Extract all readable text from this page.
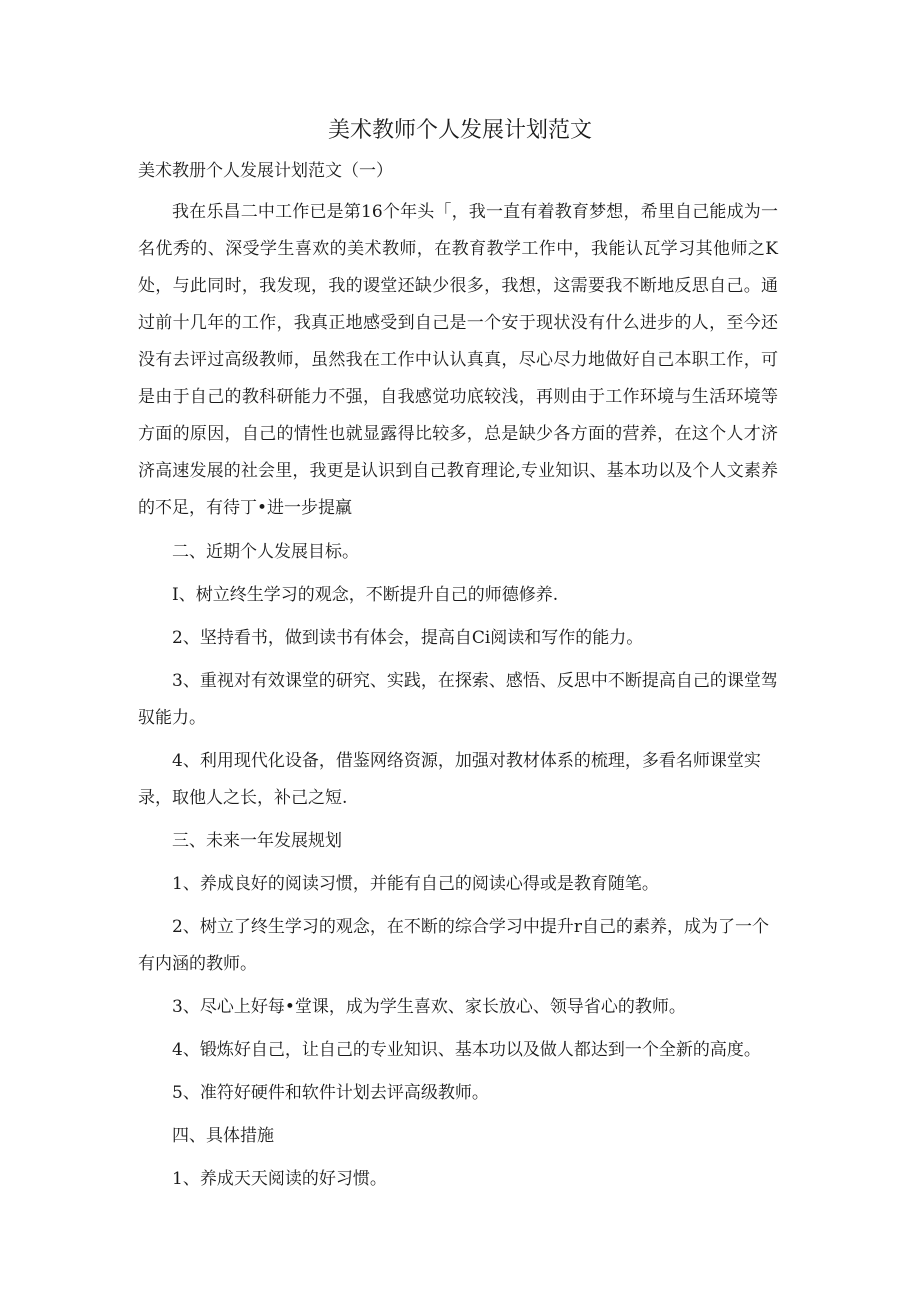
美术教师个人发展计划范文

美术教册个人发展计划范文（一）

我在乐昌二中工作已是第16个年头「，我一直有着教育梦想，希里自己能成为一名优秀的、深受学生喜欢的美术教师，在教育教学工作中，我能认瓦学习其他师之K处，与此同时，我发现，我的谡堂还缺少很多，我想，这需要我不断地反思自己。通过前十几年的工作，我真正地感受到自己是一个安于现状没有什么进步的人，至今还没有去评过高级教师，虽然我在工作中认认真真，尽心尽力地做好自己本职工作，可是由于自己的教科研能力不强，自我感觉功底较浅，再则由于工作环境与生活环境等方面的原因，自己的情性也就显露得比较多，总是缺少各方面的营养，在这个人才济济高速发展的社会里，我更是认识到自己教育理论,专业知识、基本功以及个人文素养的不足，有待丁•进一步提羸

二、近期个人发展目标。

I、树立终生学习的观念，不断提升自己的师德修养.

2、坚持看书，做到读书有体会，提高自Ci阅读和写作的能力。

3、重视对有效课堂的研究、实践，在探索、感悟、反思中不断提高自己的课堂驾驭能力。

4、利用现代化设备，借鉴网络资源，加强对教材体系的梳理，多看名师课堂实录，取他人之长，补己之短.

三、未来一年发展规划

1、养成良好的阅读习惯，并能有自己的阅读心得或是教育随笔。

2、树立了终生学习的观念，在不断的综合学习中提升r自己的素养，成为了一个有内涵的教师。

3、尽心上好每•堂课，成为学生喜欢、家长放心、领导省心的教师。

4、锻炼好自己，让自己的专业知识、基本功以及做人都达到一个全新的高度。

5、准符好硬件和软件计划去评高级教师。

四、具体措施

1、养成天天阅读的好习惯。
